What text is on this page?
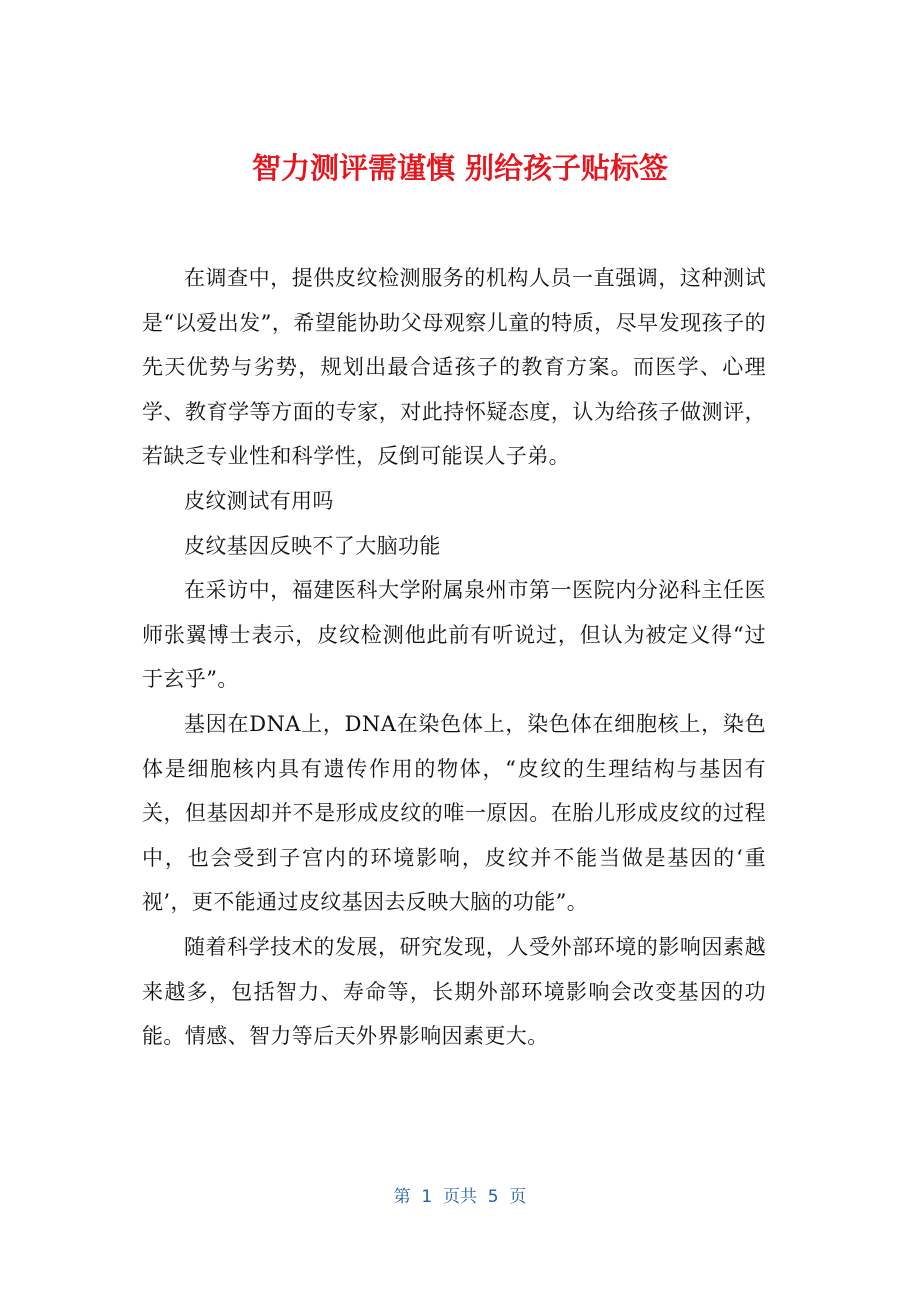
智力测评需谨慎 别给孩子贴标签

在调查中，提供皮纹检测服务的机构人员一直强调，这种测试是“以爱出发”，希望能协助父母观察儿童的特质，尽早发现孩子的先天优势与劣势，规划出最合适孩子的教育方案。而医学、心理学、教育学等方面的专家，对此持怀疑态度，认为给孩子做测评，若缺乏专业性和科学性，反倒可能误人子弟。

皮纹测试有用吗

皮纹基因反映不了大脑功能

在采访中，福建医科大学附属泉州市第一医院内分泌科主任医师张翼博士表示，皮纹检测他此前有听说过，但认为被定义得“过于玄乎”。

基因在DNA上，DNA在染色体上，染色体在细胞核上，染色体是细胞核内具有遗传作用的物体，“皮纹的生理结构与基因有关，但基因却并不是形成皮纹的唯一原因。在胎儿形成皮纹的过程中，也会受到子宫内的环境影响，皮纹并不能当做是基因的‘重视’，更不能通过皮纹基因去反映大脑的功能”。

随着科学技术的发展，研究发现，人受外部环境的影响因素越来越多，包括智力、寿命等，长期外部环境影响会改变基因的功能。情感、智力等后天外界影响因素更大。

第  1  页共  5  页
